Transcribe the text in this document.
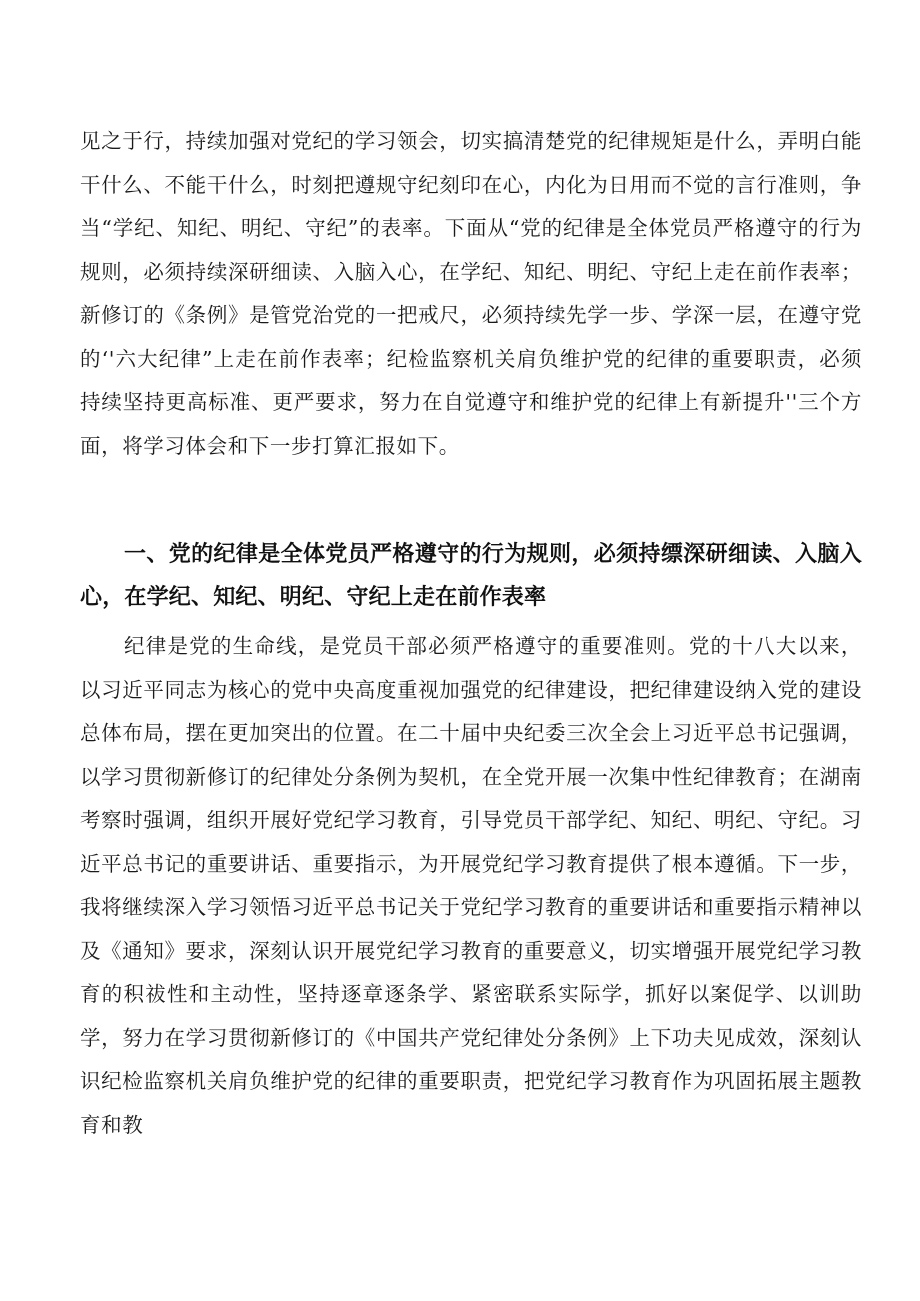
见之于行，持续加强对党纪的学习领会，切实搞清楚党的纪律规矩是什么，弄明白能干什么、不能干什么，时刻把遵规守纪刻印在心，内化为日用而不觉的言行准则，争当“学纪、知纪、明纪、守纪”的表率。下面从“党的纪律是全体党员严格遵守的行为规则，必须持续深研细读、入脑入心，在学纪、知纪、明纪、守纪上走在前作表率；新修订的《条例》是管党治党的一把戒尺，必须持续先学一步、学深一层，在遵守党的‘'六大纪律”上走在前作表率；纪检监察机关肩负维护党的纪律的重要职责，必须持续坚持更高标准、更严要求，努力在自觉遵守和维护党的纪律上有新提升''三个方面，将学习体会和下一步打算汇报如下。

一、党的纪律是全体党员严格遵守的行为规则，必须持缥深研细读、入脑入心，在学纪、知纪、明纪、守纪上走在前作表率

纪律是党的生命线，是党员干部必须严格遵守的重要准则。党的十八大以来，以习近平同志为核心的党中央高度重视加强党的纪律建设，把纪律建设纳入党的建设总体布局，摆在更加突出的位置。在二十届中央纪委三次全会上习近平总书记强调，以学习贯彻新修订的纪律处分条例为契机，在全党开展一次集中性纪律教育；在湖南考察时强调，组织开展好党纪学习教育，引导党员干部学纪、知纪、明纪、守纪。习近平总书记的重要讲话、重要指示，为开展党纪学习教育提供了根本遵循。下一步，我将继续深入学习领悟习近平总书记关于党纪学习教育的重要讲话和重要指示精神以及《通知》要求，深刻认识开展党纪学习教育的重要意义，切实增强开展党纪学习教育的积祓性和主动性，坚持逐章逐条学、紧密联系实际学，抓好以案促学、以训助学，努力在学习贯彻新修订的《中国共产党纪律处分条例》上下功夫见成效，深刻认识纪检监察机关肩负维护党的纪律的重要职责，把党纪学习教育作为巩固拓展主题教育和教
